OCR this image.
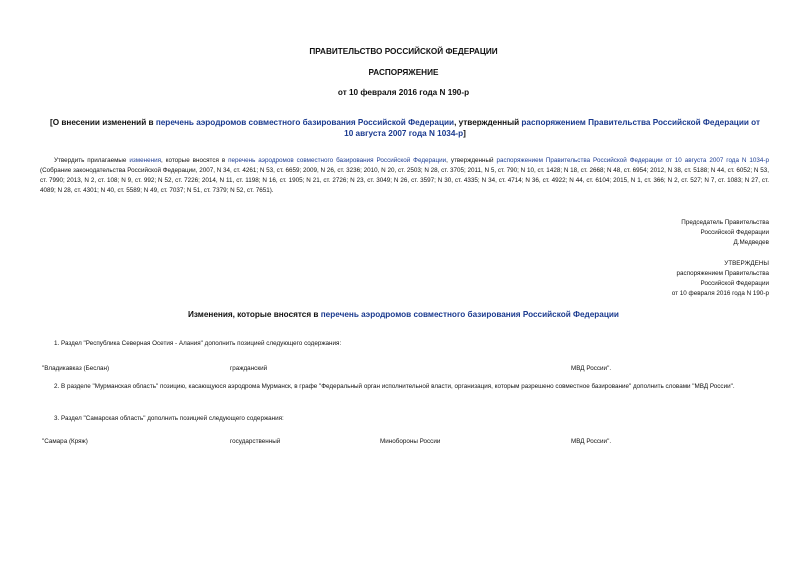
ПРАВИТЕЛЬСТВО РОССИЙСКОЙ ФЕДЕРАЦИИ
РАСПОРЯЖЕНИЕ
от 10 февраля 2016 года N 190-р
[О внесении изменений в перечень аэродромов совместного базирования Российской Федерации, утвержденный распоряжением Правительства Российской Федерации от 10 августа 2007 года N 1034-р]
Утвердить прилагаемые изменения, которые вносятся в перечень аэродромов совместного базирования Российской Федерации, утвержденный распоряжением Правительства Российской Федерации от 10 августа 2007 года N 1034-р (Собрание законодательства Российской Федерации, 2007, N 34, ст. 4261; N 53, ст. 6659; 2009, N 26, ст. 3236; 2010, N 20, ст. 2503; N 28, ст. 3705; 2011, N 5, ст. 790; N 10, ст. 1428; N 18, ст. 2668; N 48, ст. 6954; 2012, N 38, ст. 5188; N 44, ст. 6052; N 53, ст. 7990; 2013, N 2, ст. 108; N 9, ст. 992; N 52, ст. 7226; 2014, N 11, ст. 1198; N 16, ст. 1905; N 21, ст. 2726; N 23, ст. 3049; N 26, ст. 3597; N 30, ст. 4335; N 34, ст. 4714; N 36, ст. 4922; N 44, ст. 6104; 2015, N 1, ст. 366; N 2, ст. 527; N 7, ст. 1083; N 27, ст. 4089; N 28, ст. 4301; N 40, ст. 5589; N 49, ст. 7037; N 51, ст. 7379; N 52, ст. 7651).
Председатель Правительства
Российской Федерации
Д.Медведев
УТВЕРЖДЕНЫ
распоряжением Правительства
Российской Федерации
от 10 февраля 2016 года N 190-р
Изменения, которые вносятся в перечень аэродромов совместного базирования Российской Федерации
1. Раздел "Республика Северная Осетия - Алания" дополнить позицией следующего содержания:
"Владикавказ (Беслан)	гражданский	МВД России".
2. В разделе "Мурманская область" позицию, касающуюся аэродрома Мурманск, в графе "Федеральный орган исполнительной власти, организация, которым разрешено совместное базирование" дополнить словами "МВД России".
3. Раздел "Самарская область" дополнить позицией следующего содержания:
"Самара (Кряж)	государственный	Минобороны России	МВД России".
